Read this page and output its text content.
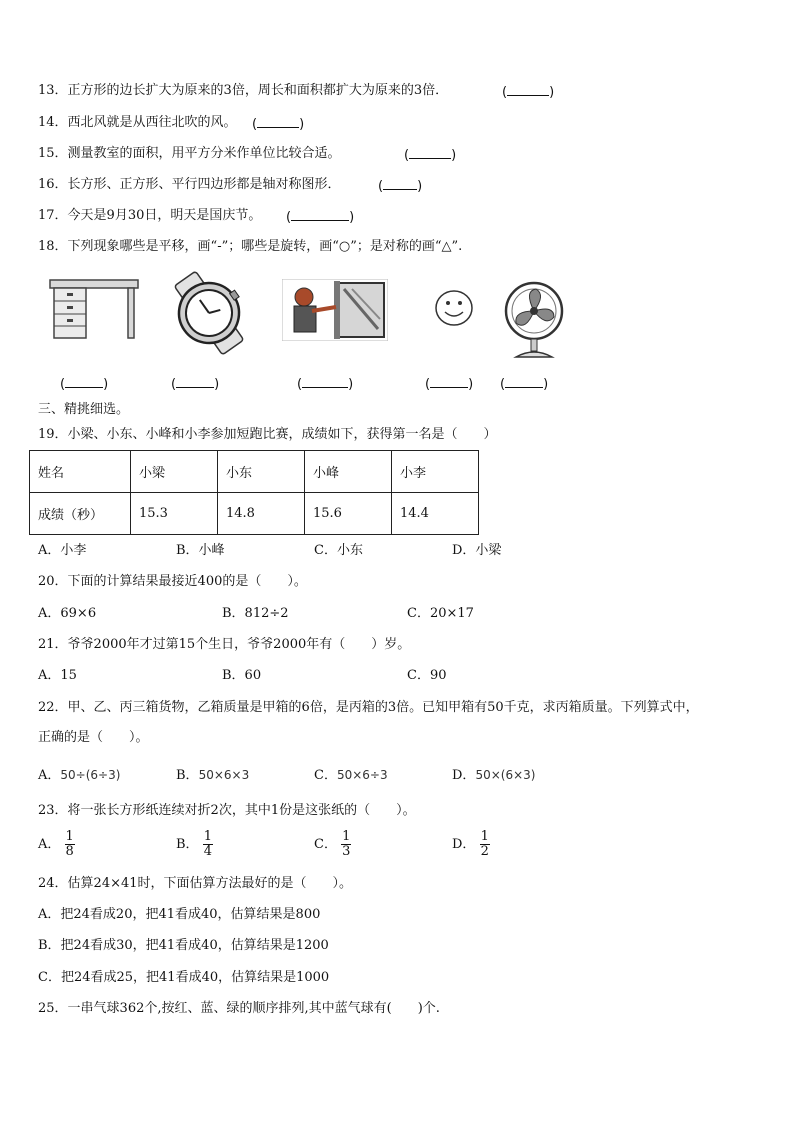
13．正方形的边长扩大为原来的3倍，周长和面积都扩大为原来的3倍．	(	)
14．西北风就是从西往北吹的风。 (	)
15．测量教室的面积，用平方分米作单位比较合适。	(	)
16．长方形、正方形、平行四边形都是轴对称图形．	(	)
17．今天是9月30日，明天是国庆节。 (	)
18．下列现象哪些是平移，画“-”；哪些是旋转，画“○”；是对称的画“△”.
(	)	(	)	(	)	(	) (	)
三、精挑细选。
19．小梁、小东、小峰和小李参加短跑比赛，成绩如下，获得第一名是（　　）
姓名	小梁	小东	小峰	小李
成绩（秒）	15.3	14.8	15.6	14.4
A．小李	B．小峰	C．小东	D．小梁
20．下面的计算结果最接近400的是（　　）。
A．69×6	B．812÷2	C．20×17
21．爷爷2000年才过第15个生日，爷爷2000年有（　　）岁。
A．15	B．60	C．90
22．甲、乙、丙三箱货物，乙箱质量是甲箱的6倍，是丙箱的3倍。已知甲箱有50千克，求丙箱质量。下列算式中，
正确的是（　　）。
A．50÷(6÷3)	B．50×6×3	C．50×6÷3	D．50×(6×3)
23．将一张长方形纸连续对折2次，其中1份是这张纸的（　　）。
A． $\frac{1}{8}$	B． $\frac{1}{4}$	C． $\frac{1}{3}$	D． $\frac{1}{2}$
24．估算24×41时，下面估算方法最好的是（　　）。
A．把24看成20，把41看成40，估算结果是800
B．把24看成30，把41看成40，估算结果是1200
C．把24看成25，把41看成40，估算结果是1000
25．一串气球362个,按红、蓝、绿的顺序排列,其中蓝气球有(　　)个.
